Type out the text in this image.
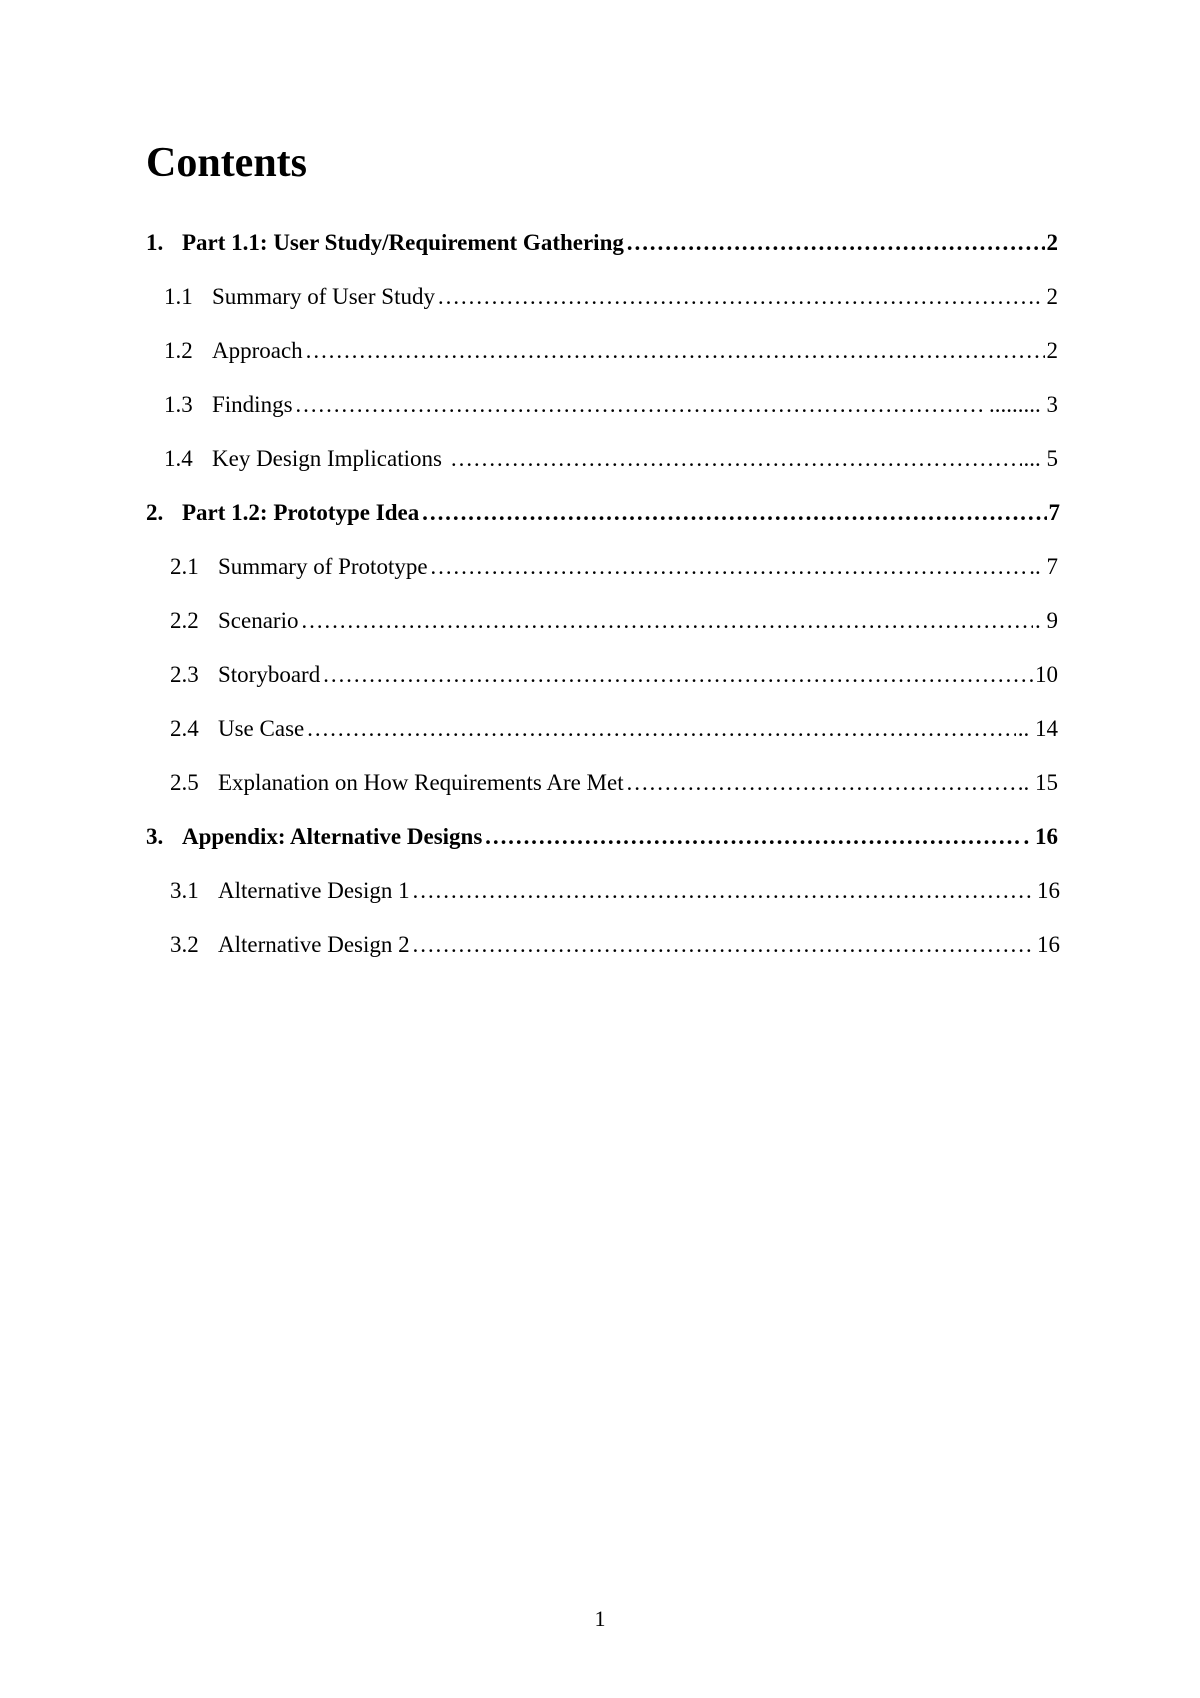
Contents
1. Part 1.1: User Study/Requirement Gathering ……………………………………………………………………………………………………………………………………………………………………………	2
1.1 Summary of User Study ……………………………………………………………………………………………………………………………………………………………………………	. 2
1.2 Approach ……………………………………………………………………………………………………………………………………………………………………………	2
1.3 Findings ……………………………………………………………………………………………………………………………………………………………………………	......... 3
1.4 Key Design Implications ……………………………………………………………………………………………………………………………………………………………………………	... 5
2. Part 1.2: Prototype Idea ……………………………………………………………………………………………………………………………………………………………………………	7
2.1 Summary of Prototype ……………………………………………………………………………………………………………………………………………………………………………	.. 7
2.2 Scenario ……………………………………………………………………………………………………………………………………………………………………………	. 9
2.3 Storyboard ……………………………………………………………………………………………………………………………………………………………………………	10
2.4 Use Case ……………………………………………………………………………………………………………………………………………………………………………	.. 14
2.5 Explanation on How Requirements Are Met ……………………………………………………………………………………………………………………………………………………………………………	.. 15
3. Appendix: Alternative Designs ……………………………………………………………………………………………………………………………………………………………………………	. 16
3.1 Alternative Design 1 ……………………………………………………………………………………………………………………………………………………………………………	16
3.2 Alternative Design 2 ……………………………………………………………………………………………………………………………………………………………………………	16
1
